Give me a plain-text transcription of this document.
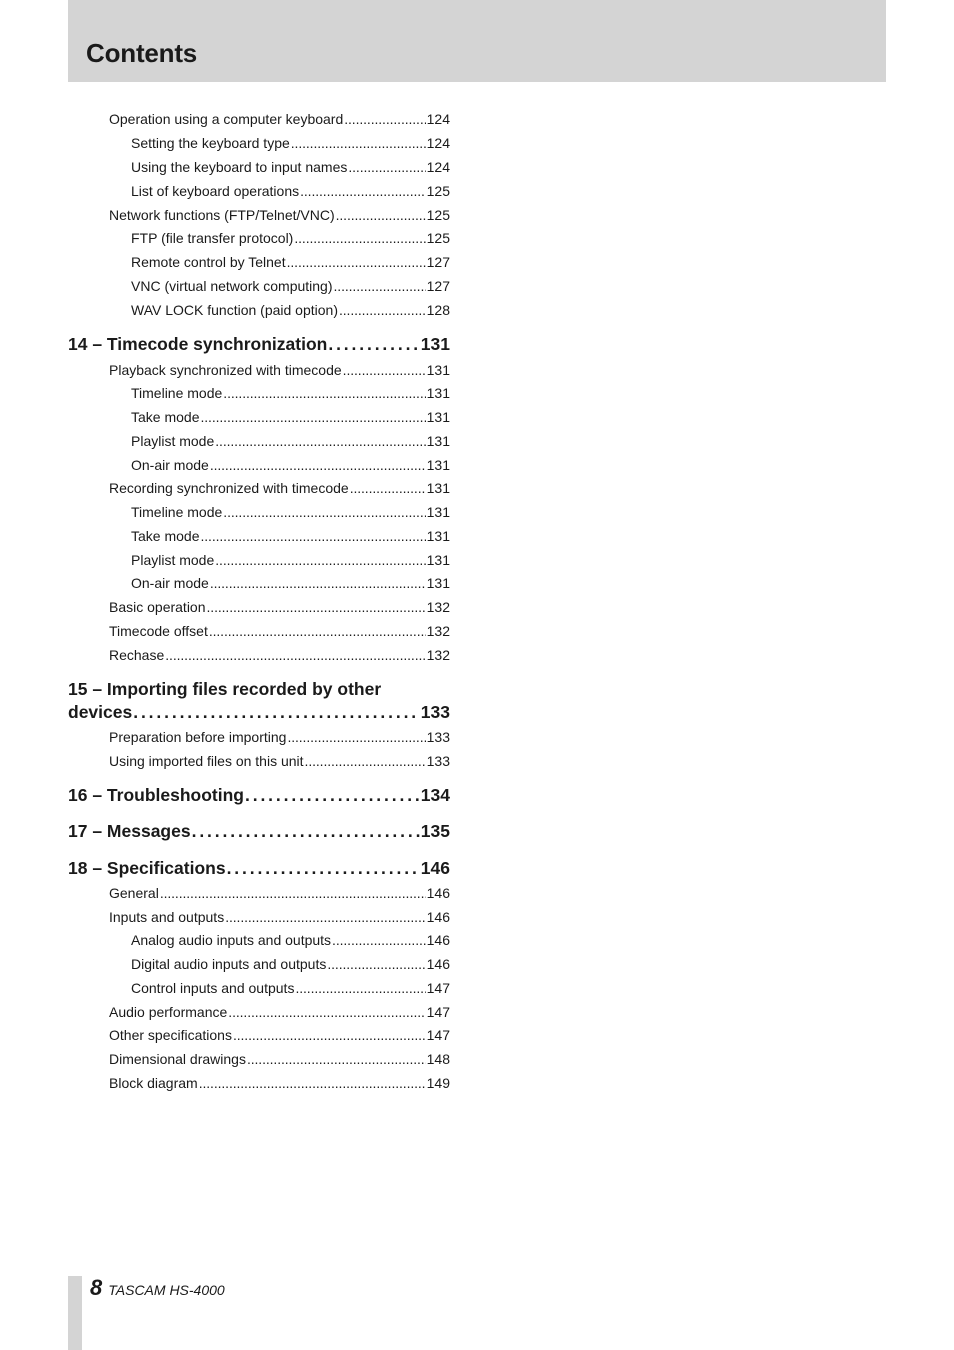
Contents
Operation using a computer keyboard . . .	124
Setting the keyboard type . . .	124
Using the keyboard to input names . . .	124
List of keyboard operations . . .	125
Network functions (FTP/Telnet/VNC) . . .	125
FTP (file transfer protocol) . . .	125
Remote control by Telnet . . .	127
VNC (virtual network computing) . . .	127
WAV LOCK function (paid option) . . .	128
14 – Timecode synchronization . . .	131
Playback synchronized with timecode . . .	131
Timeline mode . . .	131
Take mode . . .	131
Playlist mode . . .	131
On-air mode . . .	131
Recording synchronized with timecode . . .	131
Timeline mode . . .	131
Take mode . . .	131
Playlist mode . . .	131
On-air mode . . .	131
Basic operation . . .	132
Timecode offset . . .	132
Rechase . . .	132
15 – Importing files recorded by other
devices . . .	133
Preparation before importing . . .	133
Using imported files on this unit . . .	133
16 – Troubleshooting . . .	134
17 – Messages . . .	135
18 – Specifications . . .	146
General . . .	146
Inputs and outputs . . .	146
Analog audio inputs and outputs . . .	146
Digital audio inputs and outputs . . .	146
Control inputs and outputs . . .	147
Audio performance . . .	147
Other specifications . . .	147
Dimensional drawings . . .	148
Block diagram . . .	149
8 TASCAM HS-4000
